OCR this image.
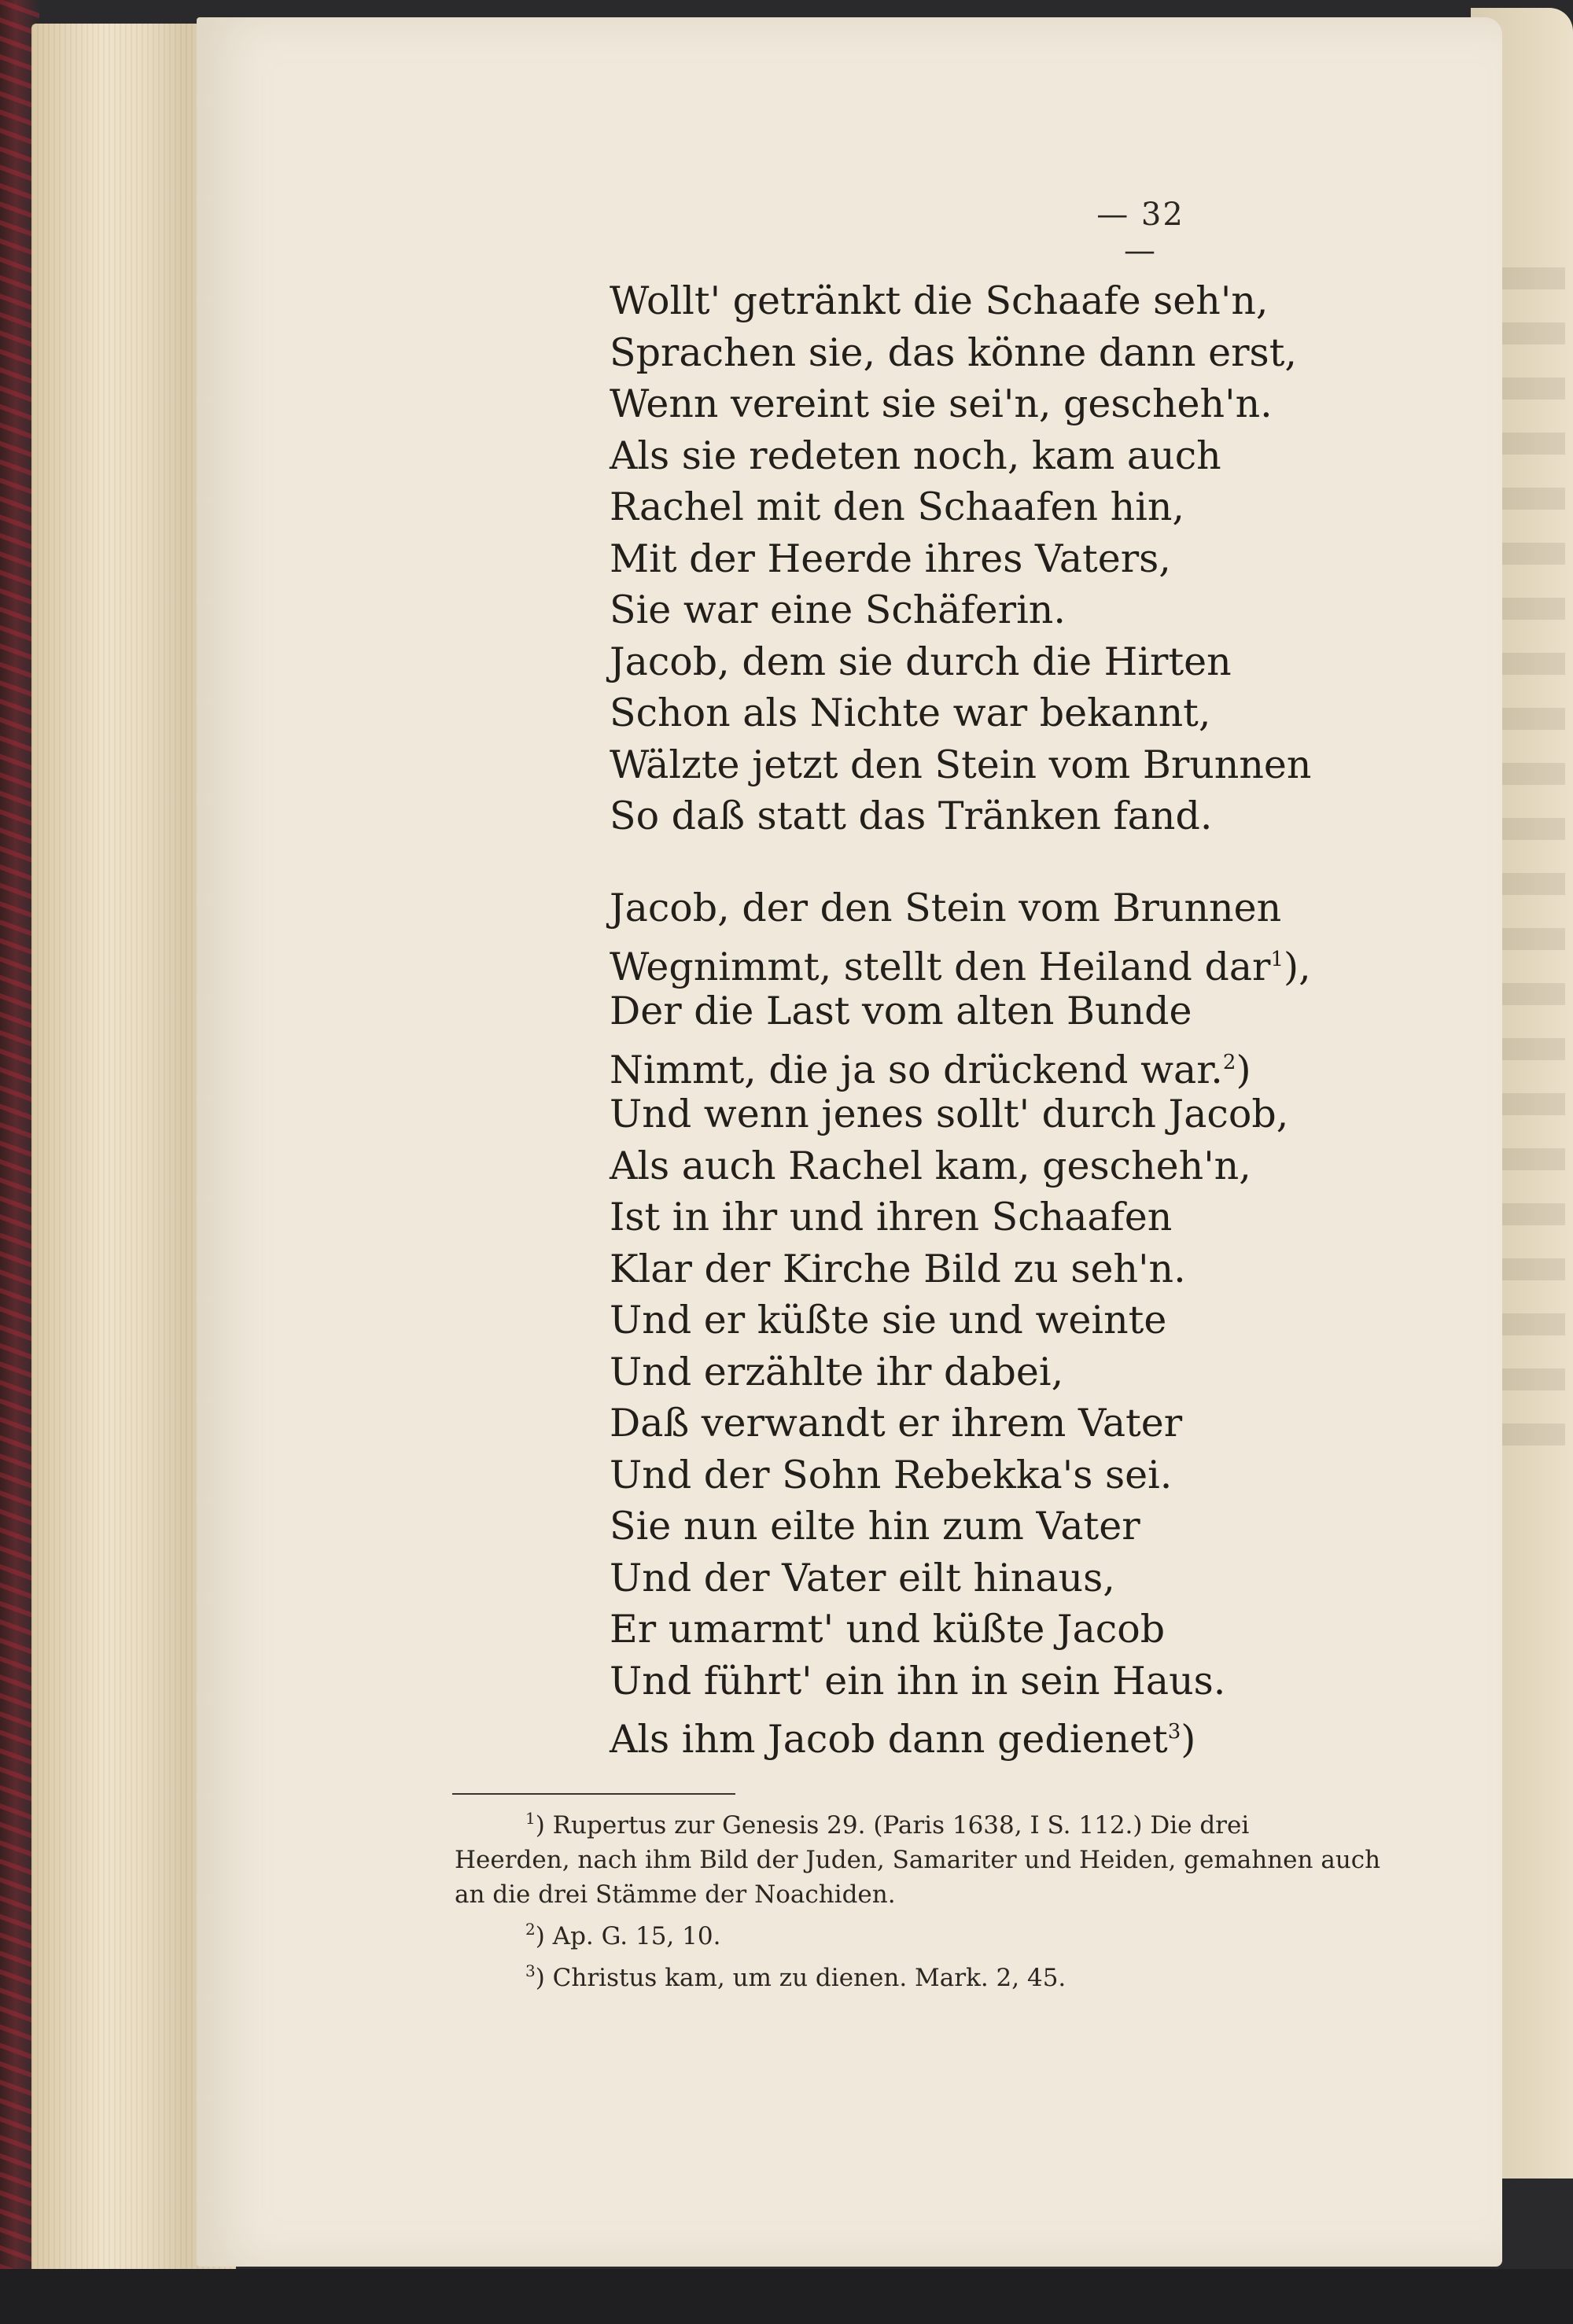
— 32 —
Wollt' getränkt die Schaafe seh'n,
Sprachen sie, das könne dann erst,
Wenn vereint sie sei'n, gescheh'n.
Als sie redeten noch, kam auch
Rachel mit den Schaafen hin,
Mit der Heerde ihres Vaters,
Sie war eine Schäferin.
Jacob, dem sie durch die Hirten
Schon als Nichte war bekannt,
Wälzte jetzt den Stein vom Brunnen
So daß statt das Tränken fand.
Jacob, der den Stein vom Brunnen
Wegnimmt, stellt den Heiland dar$^1$),
Der die Last vom alten Bunde
Nimmt, die ja so drückend war.$^2$)
Und wenn jenes sollt' durch Jacob,
Als auch Rachel kam, gescheh'n,
Ist in ihr und ihren Schaafen
Klar der Kirche Bild zu seh'n.
Und er küßte sie und weinte
Und erzählte ihr dabei,
Daß verwandt er ihrem Vater
Und der Sohn Rebekka's sei.
Sie nun eilte hin zum Vater
Und der Vater eilt hinaus,
Er umarmt' und küßte Jacob
Und führt' ein ihn in sein Haus.
Als ihm Jacob dann gedienet$^3$)

$^1$) Rupertus zur Genesis 29. (Paris 1638, I S. 112.) Die drei

Heerden, nach ihm Bild der Juden, Samariter und Heiden, gemahnen auch

an die drei Stämme der Noachiden.

$^2$) Ap. G. 15, 10.

$^3$) Christus kam, um zu dienen. Mark. 2, 45.
